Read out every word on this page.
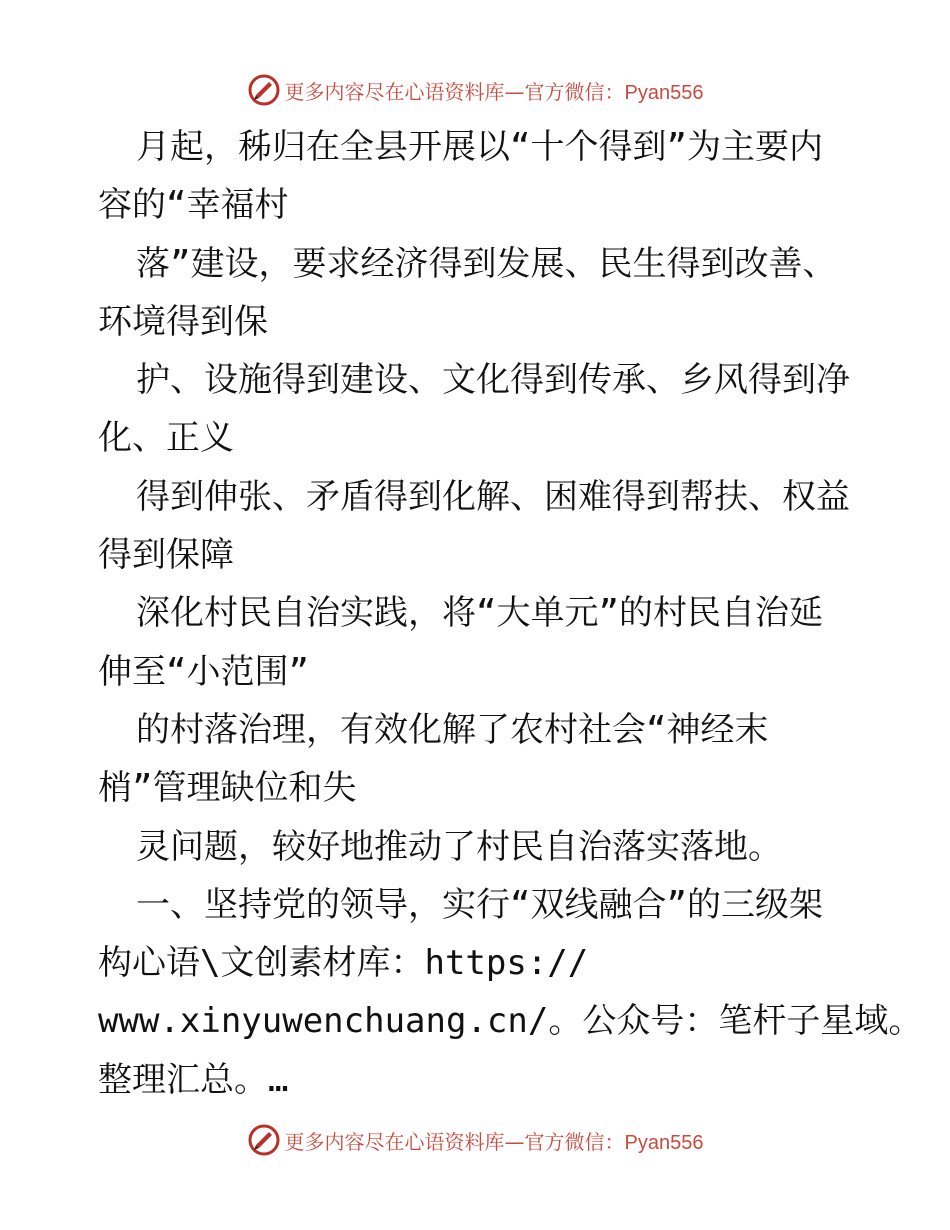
更多内容尽在心语资料库—官方微信：Pyan556
月起，秭归在全县开展以“十个得到”为主要内
容的“幸福村
落”建设，要求经济得到发展、民生得到改善、
环境得到保
护、设施得到建设、文化得到传承、乡风得到净
化、正义
得到伸张、矛盾得到化解、困难得到帮扶、权益
得到保障
深化村民自治实践，将“大单元”的村民自治延
伸至“小范围”
的村落治理，有效化解了农村社会“神经末
梢”管理缺位和失
灵问题，较好地推动了村民自治落实落地。
一、坚持党的领导，实行“双线融合”的三级架
构心语\文创素材库：https://
www.xinyuwenchuang.cn/。公众号：笔杆子星域。
整理汇总。…
更多内容尽在心语资料库—官方微信：Pyan556
